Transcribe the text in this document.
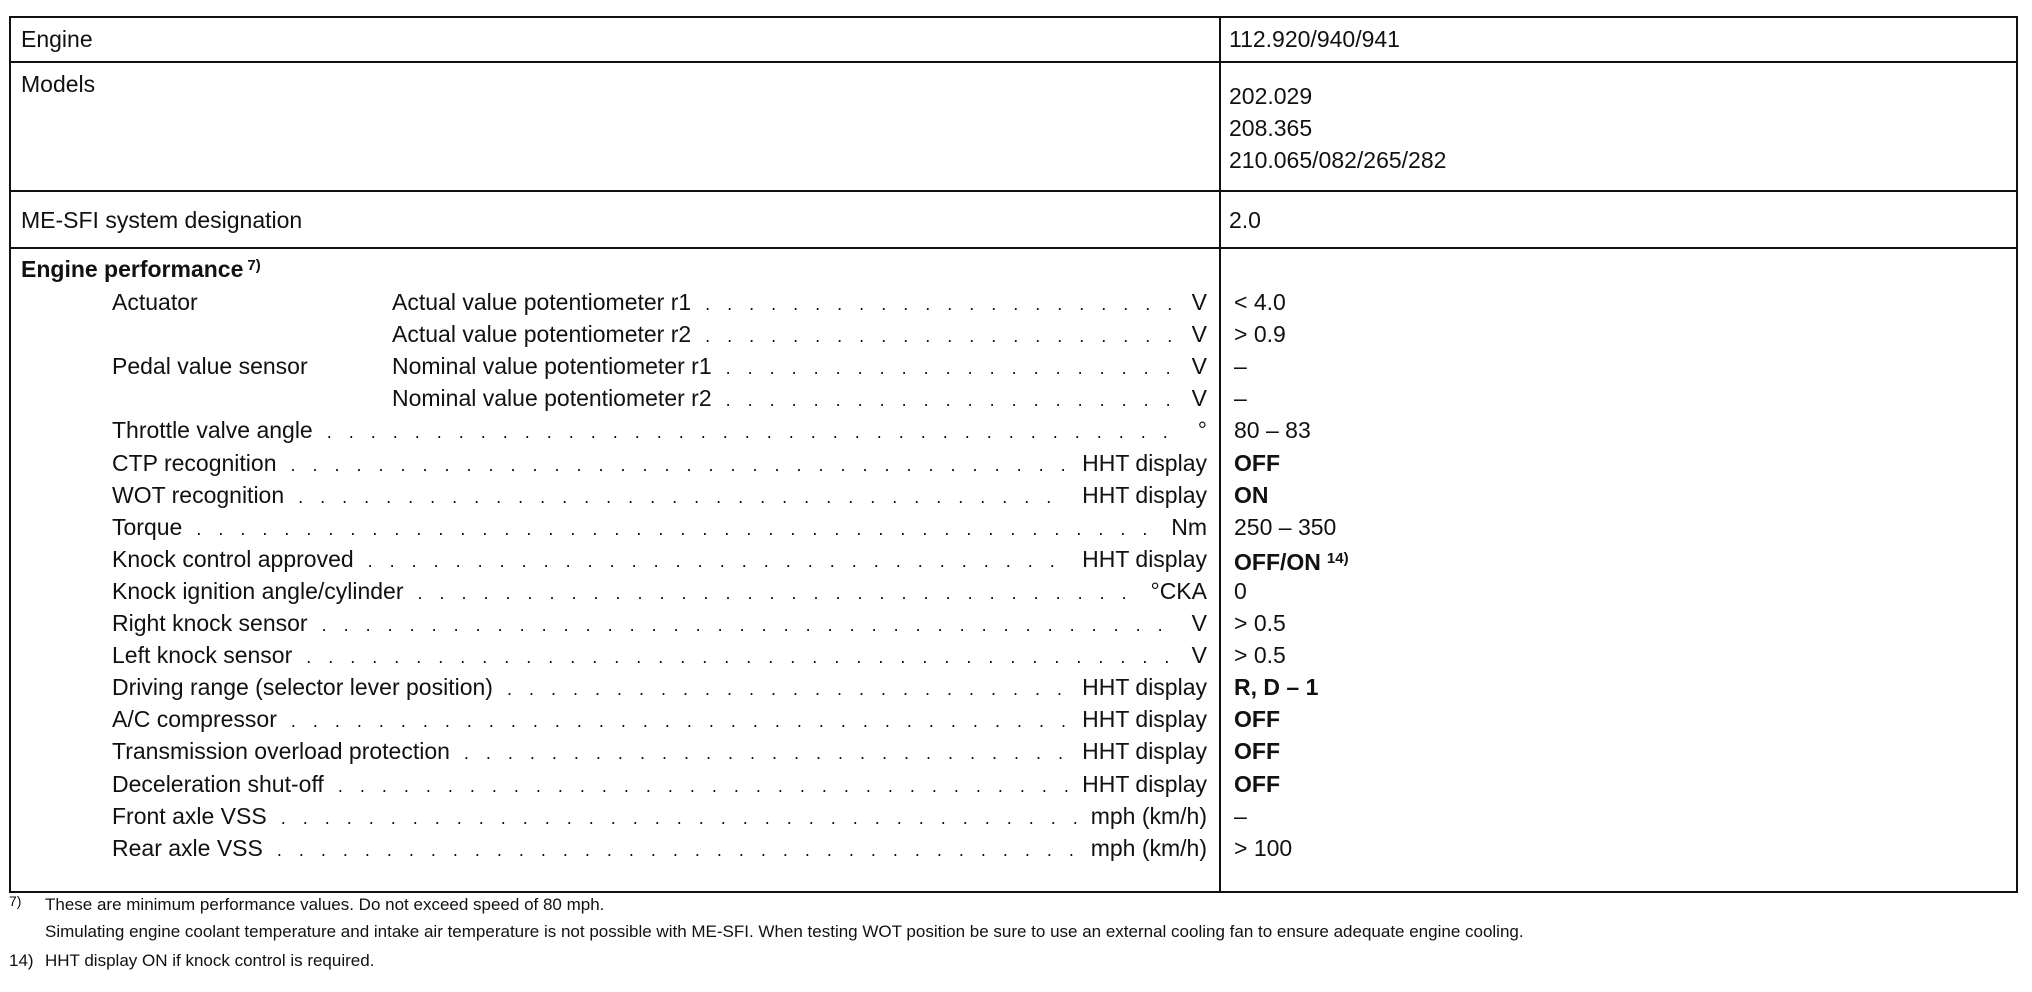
Engine	112.920/940/941
Models	202.029
208.365
210.065/082/265/282
ME-SFI system designation	2.0
Engine performance $^{7)}$
Actuator	Actual value potentiometer r1 . . .	V < 4.0
Actual value potentiometer r2 . . .	V > 0.9
Pedal value sensor	Nominal value potentiometer r1 . . .	V –
Nominal value potentiometer r2 . . .	V –
Throttle valve angle . . .	° 80 – 83
CTP recognition . . .	HHT display OFF
WOT recognition . . .	HHT display ON
Torque . . .	Nm 250 – 350
Knock control approved . . .	HHT display OFF/ON $^{14)}$
Knock ignition angle/cylinder . . .	°CKA 0
Right knock sensor . . .	V > 0.5
Left knock sensor . . .	V > 0.5
Driving range (selector lever position) . . .	HHT display R, D – 1
A/C compressor . . .	HHT display OFF
Transmission overload protection . . .	HHT display OFF
Deceleration shut-off . . .	HHT display OFF
Front axle VSS . . .	mph (km/h) –
Rear axle VSS . . .	mph (km/h) > 100
7) These are minimum performance values. Do not exceed speed of 80 mph.
Simulating engine coolant temperature and intake air temperature is not possible with ME-SFI. When testing WOT position be sure to use an external cooling fan to ensure adequate engine cooling.
14) HHT display ON if knock control is required.
